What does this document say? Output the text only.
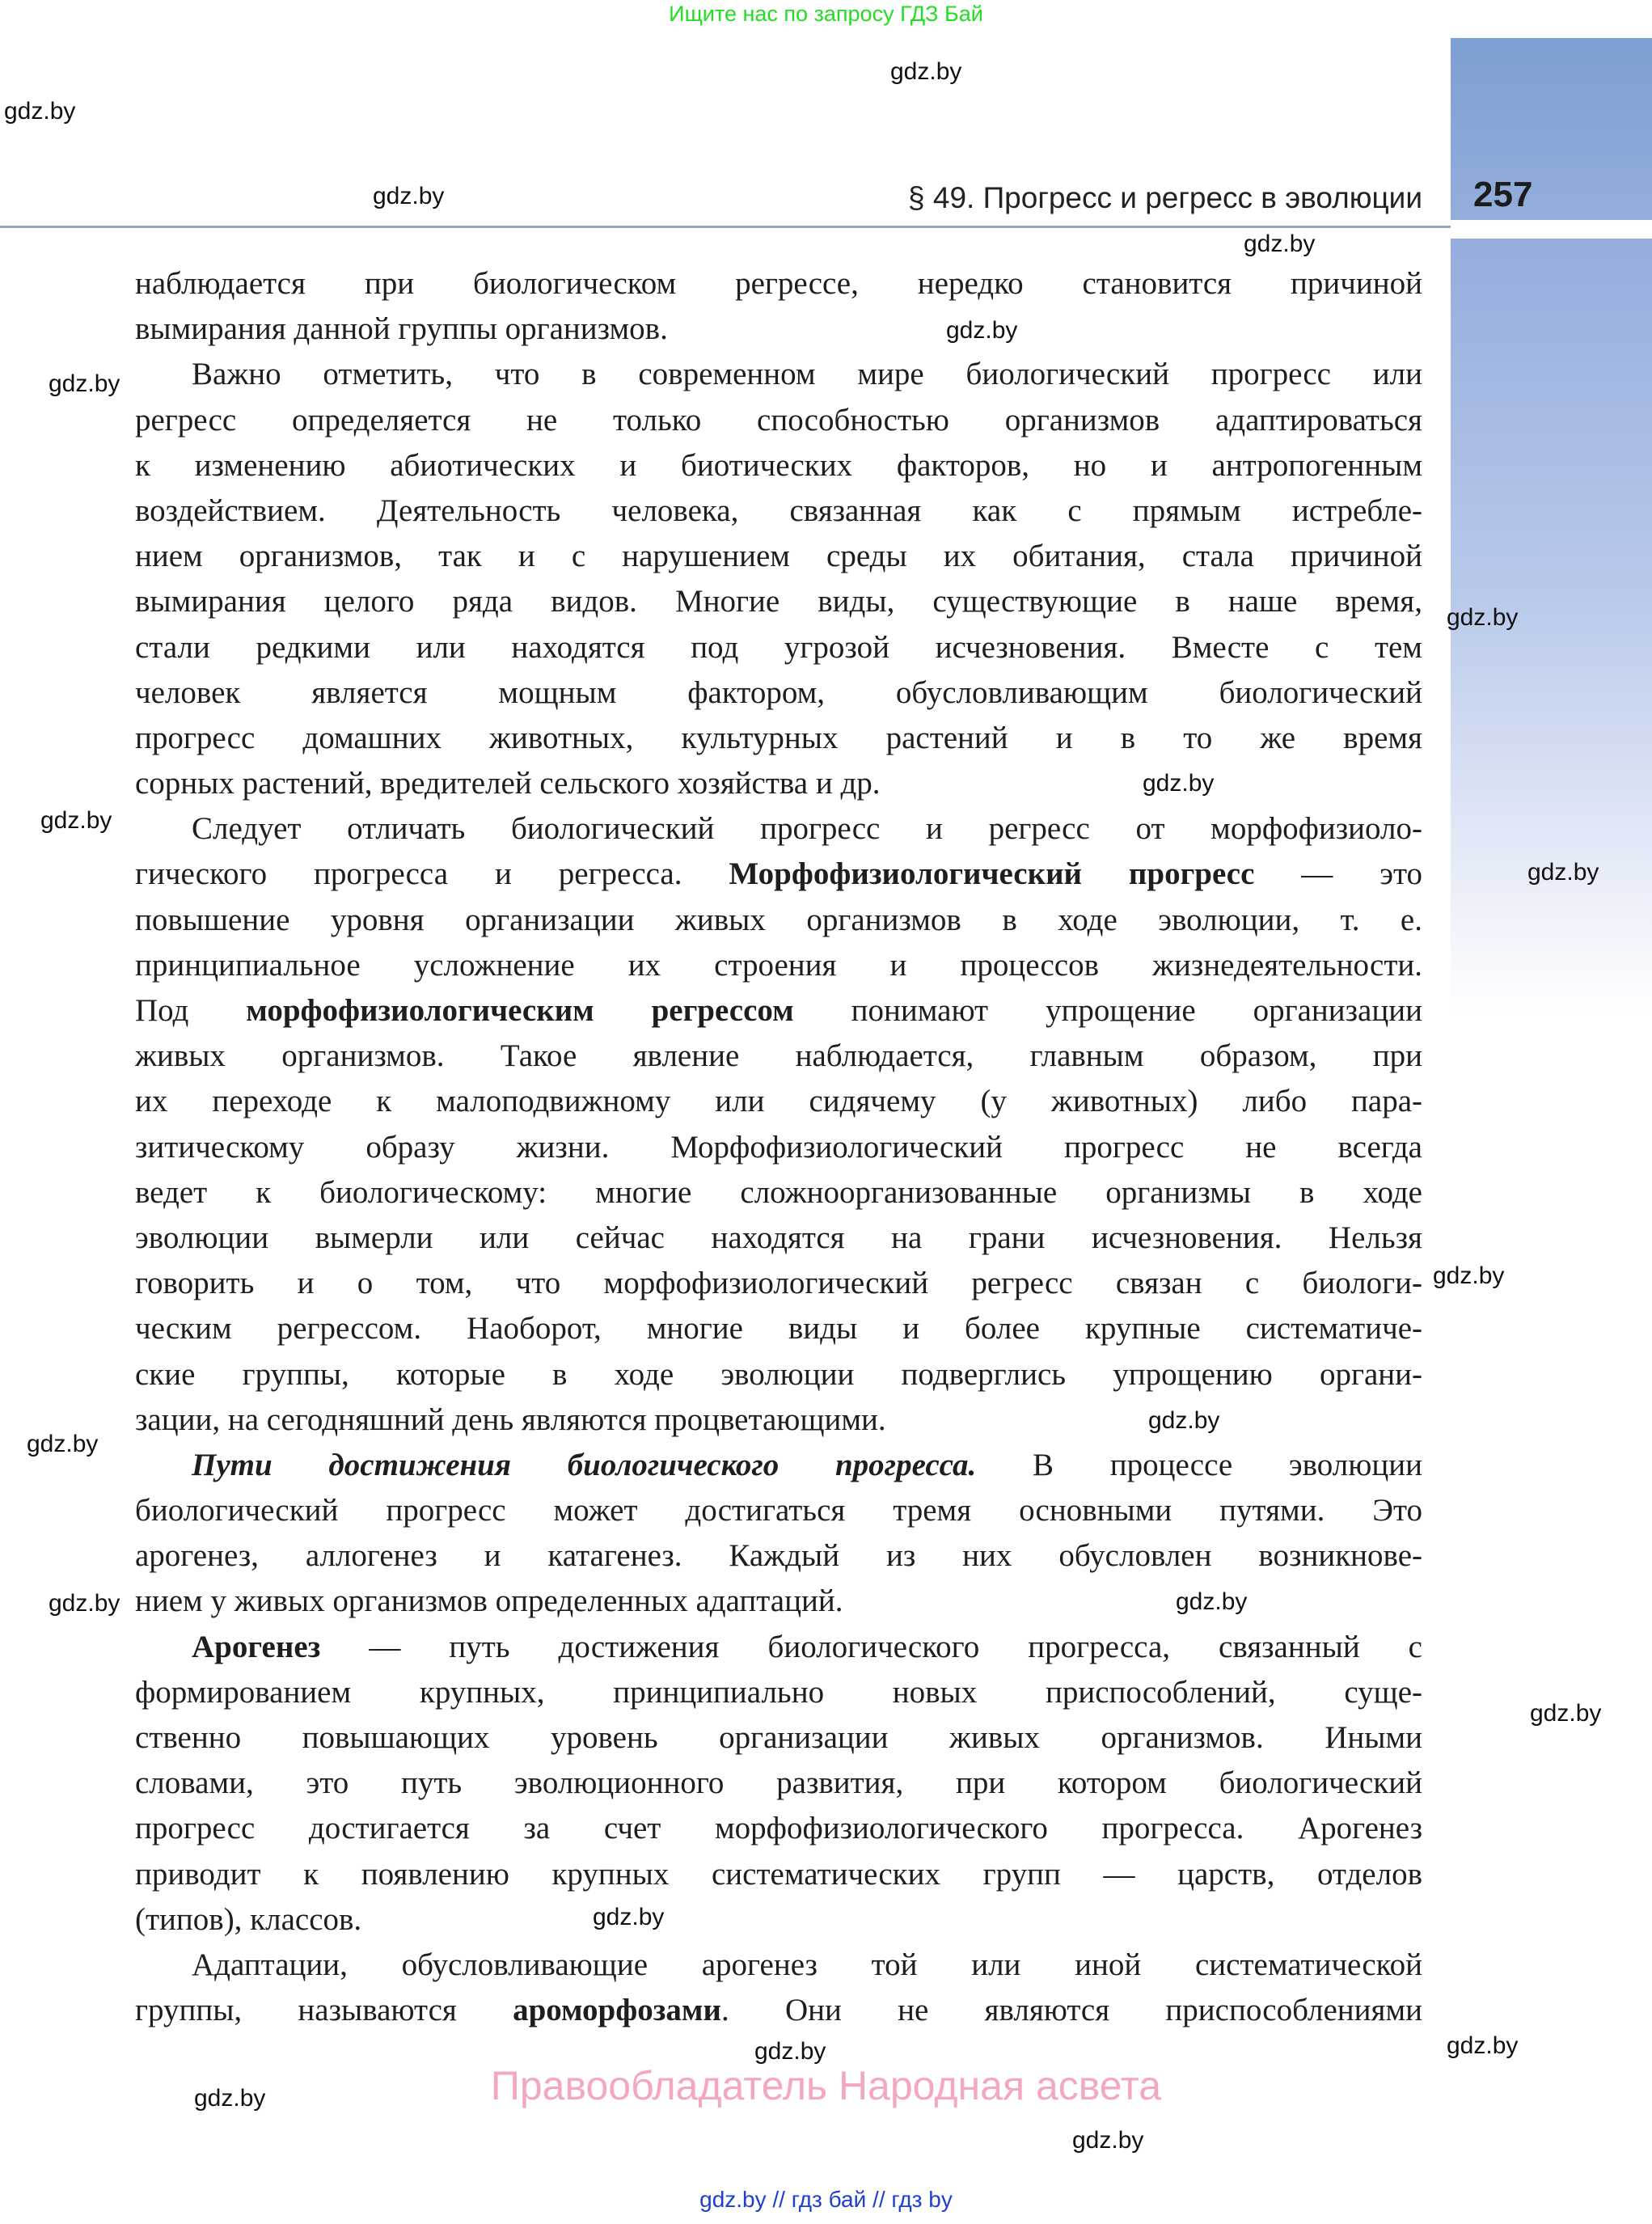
Ищите нас по запросу ГДЗ Бай
§ 49. Прогресс и регресс в эволюции 257
наблюдается при биологическом регрессе, нередко становится причиной
вымирания данной группы организмов.
Важно отметить, что в современном мире биологический прогресс или
регресс определяется не только способностью организмов адаптироваться
к изменению абиотических и биотических факторов, но и антропогенным
воздействием. Деятельность человека, связанная как с прямым истребле-
нием организмов, так и с нарушением среды их обитания, стала причиной
вымирания целого ряда видов. Многие виды, существующие в наше время,
стали редкими или находятся под угрозой исчезновения. Вместе с тем
человек является мощным фактором, обусловливающим биологический
прогресс домашних животных, культурных растений и в то же время
сорных растений, вредителей сельского хозяйства и др.
Следует отличать биологический прогресс и регресс от морфофизиоло-
гического прогресса и регресса. Морфофизиологический прогресс — это
повышение уровня организации живых организмов в ходе эволюции, т. е.
принципиальное усложнение их строения и процессов жизнедеятельности.
Под морфофизиологическим регрессом понимают упрощение организации
живых организмов. Такое явление наблюдается, главным образом, при
их переходе к малоподвижному или сидячему (у животных) либо пара-
зитическому образу жизни. Морфофизиологический прогресс не всегда
ведет к биологическому: многие сложноорганизованные организмы в ходе
эволюции вымерли или сейчас находятся на грани исчезновения. Нельзя
говорить и о том, что морфофизиологический регресс связан с биологи-
ческим регрессом. Наоборот, многие виды и более крупные систематиче-
ские группы, которые в ходе эволюции подверглись упрощению органи-
зации, на сегодняшний день являются процветающими.
Пути достижения биологического прогресса. В процессе эволюции
биологический прогресс может достигаться тремя основными путями. Это
арогенез, аллогенез и катагенез. Каждый из них обусловлен возникнове-
нием у живых организмов определенных адаптаций.
Арогенез — путь достижения биологического прогресса, связанный с
формированием крупных, принципиально новых приспособлений, суще-
ственно повышающих уровень организации живых организмов. Иными
словами, это путь эволюционного развития, при котором биологический
прогресс достигается за счет морфофизиологического прогресса. Арогенез
приводит к появлению крупных систематических групп — царств, отделов
(типов), классов.
Адаптации, обусловливающие арогенез той или иной систематической
группы, называются ароморфозами. Они не являются приспособлениями
gdz.by
gdz.by
gdz.by
gdz.by
gdz.by
gdz.by
gdz.by
gdz.by
gdz.by
gdz.by
gdz.by
gdz.by
gdz.by
gdz.by
gdz.by
gdz.by
gdz.by
gdz.by	gdz.by
gdz.by
gdz.by
Правообладатель Народная асвета
gdz.by // гдз бай // гдз by
